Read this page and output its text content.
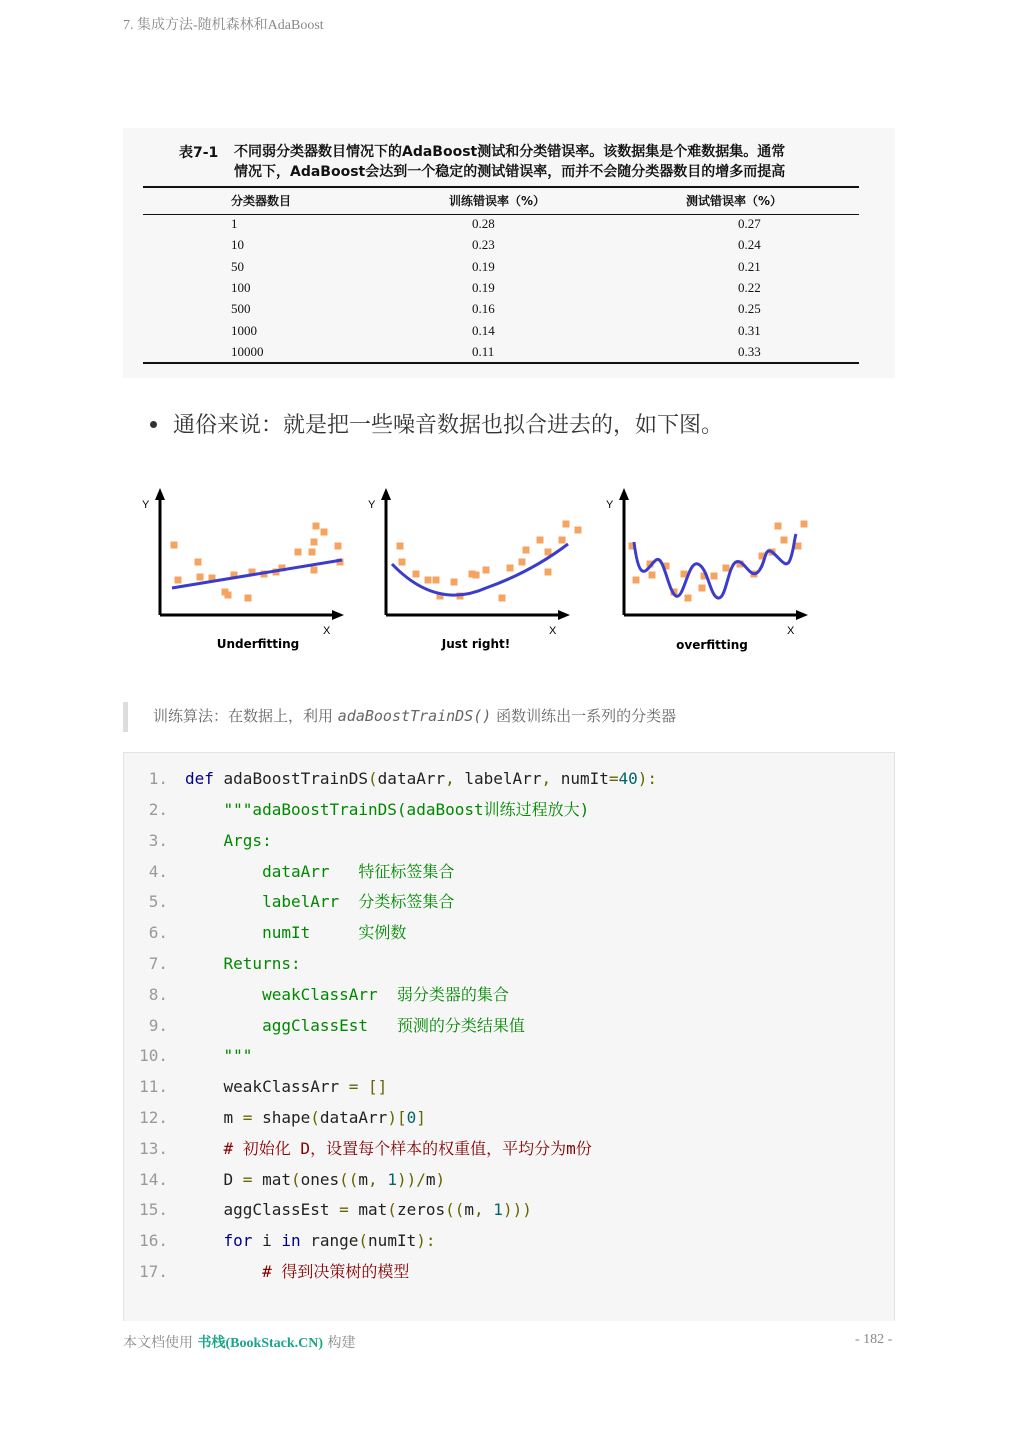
7. 集成方法-随机森林和AdaBoost
表7-1 不同弱分类器数目情况下的AdaBoost测试和分类错误率。该数据集是个难数据集。通常
情况下，AdaBoost会达到一个稳定的测试错误率，而并不会随分类器数目的增多而提高
分类器数目	训练错误率（%）	测试错误率（%）
1	0.28	0.27
10	0.23	0.24
50	0.19	0.21
100	0.19	0.22
500	0.16	0.25
1000	0.14	0.31
10000	0.11	0.33
通俗来说：就是把一些噪音数据也拟合进去的，如下图。
Y
X
Underfitting
Y
X
Just right!
Y
X
overfitting
训练算法：在数据上，利用 adaBoostTrainDS() 函数训练出一系列的分类器
1. def adaBoostTrainDS(dataArr, labelArr, numIt=40):
2.	"""adaBoostTrainDS(adaBoost训练过程放大)
3.	Args:
4.	dataArr   特征标签集合
5.	labelArr  分类标签集合
6.	numIt     实例数
7.	Returns:
8.	weakClassArr  弱分类器的集合
9.	aggClassEst   预测的分类结果值
10.	"""
11. weakClassArr = []
12. m = shape(dataArr)[0]
13.	# 初始化 D，设置每个样本的权重值，平均分为m份
14. D = mat(ones((m, 1))/m)
15. aggClassEst = mat(zeros((m, 1)))
16.	for i in range(numIt):
17.	# 得到决策树的模型
本文档使用 书栈(BookStack.CN) 构建	- 182 -
